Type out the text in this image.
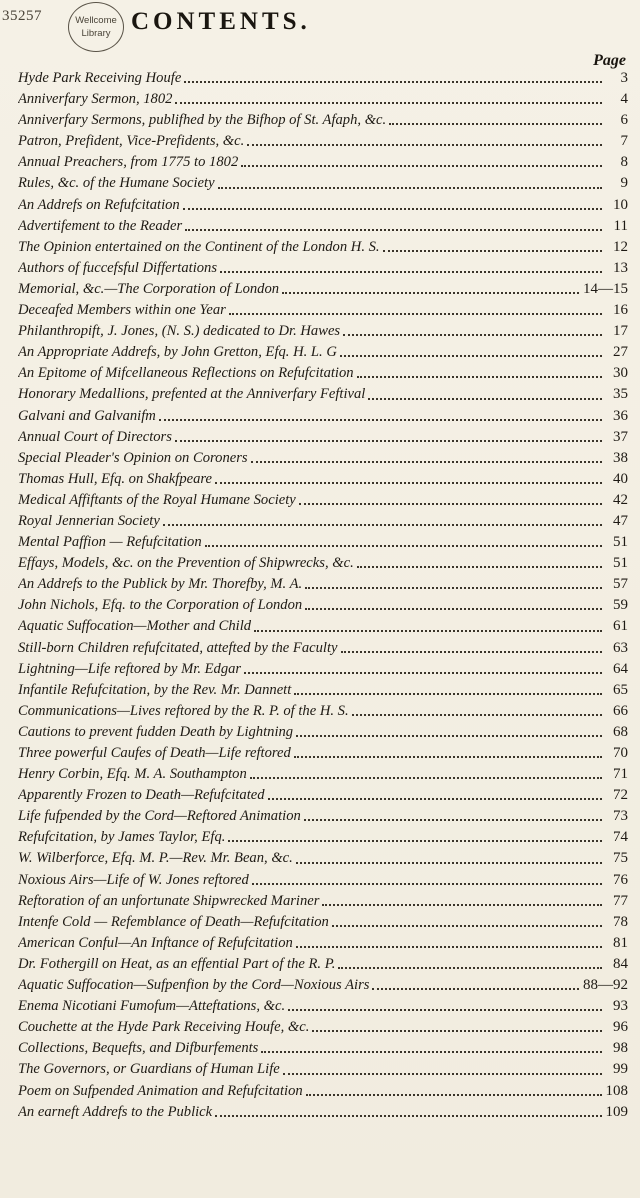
35257	Wellcome
Library CONTENTS.
Page
Hyde Park Receiving Houfe	3
Anniverfary Sermon, 1802	4
Anniverfary Sermons, publifhed by the Bifhop of St. Afaph, &c.	6
Patron, Prefident, Vice-Prefidents, &c.	7
Annual Preachers, from 1775 to 1802	8
Rules, &c. of the Humane Society	9
An Addrefs on Refufcitation	10
Advertifement to the Reader	11
The Opinion entertained on the Continent of the London H. S.	12
Authors of fuccefsful Differtations	13
Memorial, &c.—The Corporation of London	14—15
Deceafed Members within one Year	16
Philanthropift, J. Jones, (N. S.) dedicated to Dr. Hawes	17
An Appropriate Addrefs, by John Gretton, Efq. H. L. G	27
An Epitome of Mifcellaneous Reflections on Refufcitation	30
Honorary Medallions, prefented at the Anniverfary Feftival	35
Galvani and Galvanifm	36
Annual Court of Directors	37
Special Pleader's Opinion on Coroners	38
Thomas Hull, Efq. on Shakfpeare	40
Medical Affiftants of the Royal Humane Society	42
Royal Jennerian Society	47
Mental Paffion — Refufcitation	51
Effays, Models, &c. on the Prevention of Shipwrecks, &c.	51
An Addrefs to the Publick by Mr. Thorefby, M. A.	57
John Nichols, Efq. to the Corporation of London	59
Aquatic Suffocation—Mother and Child	61
Still-born Children refufcitated, attefted by the Faculty	63
Lightning—Life reftored by Mr. Edgar	64
Infantile Refufcitation, by the Rev. Mr. Dannett	65
Communications—Lives reftored by the R. P. of the H. S.	66
Cautions to prevent fudden Death by Lightning	68
Three powerful Caufes of Death—Life reftored	70
Henry Corbin, Efq. M. A. Southampton	71
Apparently Frozen to Death—Refufcitated	72
Life fufpended by the Cord—Reftored Animation	73
Refufcitation, by James Taylor, Efq.	74
W. Wilberforce, Efq. M. P.—Rev. Mr. Bean, &c.	75
Noxious Airs—Life of W. Jones reftored	76
Reftoration of an unfortunate Shipwrecked Mariner	77
Intenfe Cold — Refemblance of Death—Refufcitation	78
American Conful—An Inftance of Refufcitation	81
Dr. Fothergill on Heat, as an effential Part of the R. P.	84
Aquatic Suffocation—Sufpenfion by the Cord—Noxious Airs	88—92
Enema Nicotiani Fumofum—Atteftations, &c.	93
Couchette at the Hyde Park Receiving Houfe, &c.	96
Collections, Bequefts, and Difburfements	98
The Governors, or Guardians of Human Life	99
Poem on Sufpended Animation and Refufcitation	108
An earneft Addrefs to the Publick	109
